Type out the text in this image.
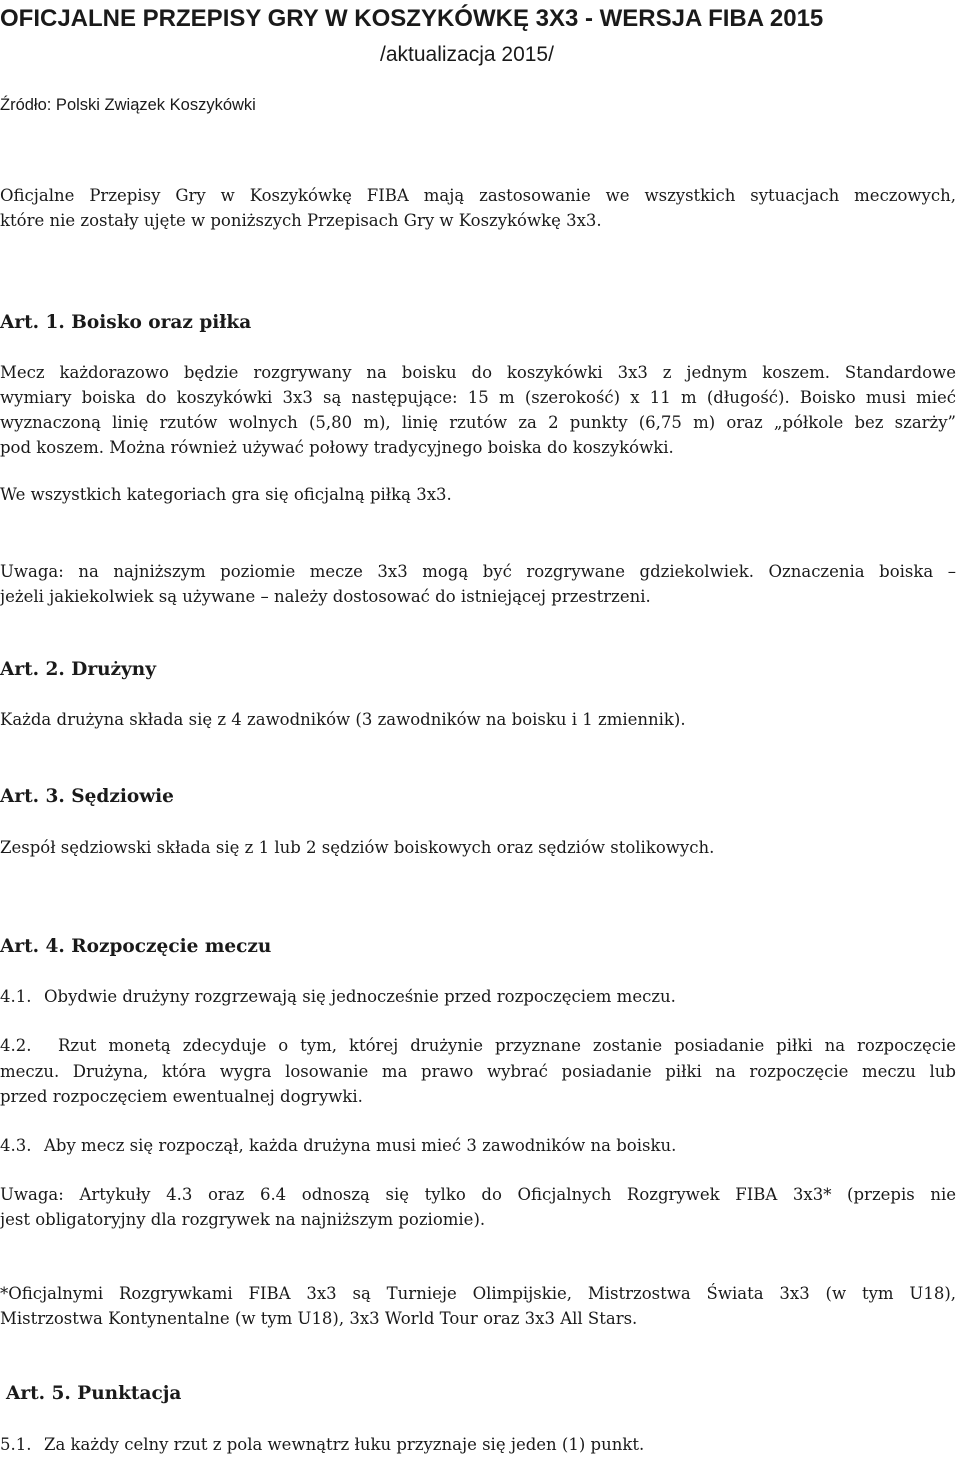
OFICJALNE PRZEPISY GRY W KOSZYKÓWKĘ 3X3 - WERSJA FIBA 2015
/aktualizacja 2015/
Źródło: Polski Związek Koszykówki
Oficjalne Przepisy Gry w Koszykówkę FIBA mają zastosowanie we wszystkich sytuacjach meczowych,
które nie zostały ujęte w poniższych Przepisach Gry w Koszykówkę 3x3.
Art. 1. Boisko oraz piłka
Mecz każdorazowo będzie rozgrywany na boisku do koszykówki 3x3 z jednym koszem. Standardowe
wymiary boiska do koszykówki 3x3 są następujące: 15 m (szerokość) x 11 m (długość). Boisko musi mieć
wyznaczoną linię rzutów wolnych (5,80 m), linię rzutów za 2 punkty (6,75 m) oraz „półkole bez szarży”
pod koszem. Można również używać połowy tradycyjnego boiska do koszykówki.
We wszystkich kategoriach gra się oficjalną piłką 3x3.
Uwaga: na najniższym poziomie mecze 3x3 mogą być rozgrywane gdziekolwiek. Oznaczenia boiska –
jeżeli jakiekolwiek są używane – należy dostosować do istniejącej przestrzeni.
Art. 2. Drużyny
Każda drużyna składa się z 4 zawodników (3 zawodników na boisku i 1 zmiennik).
Art. 3. Sędziowie
Zespół sędziowski składa się z 1 lub 2 sędziów boiskowych oraz sędziów stolikowych.
Art. 4. Rozpoczęcie meczu
4.1. Obydwie drużyny rozgrzewają się jednocześnie przed rozpoczęciem meczu.
4.2.	Rzut monetą zdecyduje o tym, której drużynie przyznane zostanie posiadanie piłki na rozpoczęcie
meczu. Drużyna, która wygra losowanie ma prawo wybrać posiadanie piłki na rozpoczęcie meczu lub
przed rozpoczęciem ewentualnej dogrywki.
4.3. Aby mecz się rozpoczął, każda drużyna musi mieć 3 zawodników na boisku.
Uwaga: Artykuły 4.3 oraz 6.4 odnoszą się tylko do Oficjalnych Rozgrywek FIBA 3x3* (przepis nie
jest obligatoryjny dla rozgrywek na najniższym poziomie).
*Oficjalnymi Rozgrywkami FIBA 3x3 są Turnieje Olimpijskie, Mistrzostwa Świata 3x3 (w tym U18),
Mistrzostwa Kontynentalne (w tym U18), 3x3 World Tour oraz 3x3 All Stars.
Art. 5. Punktacja
5.1. Za każdy celny rzut z pola wewnątrz łuku przyznaje się jeden (1) punkt.
